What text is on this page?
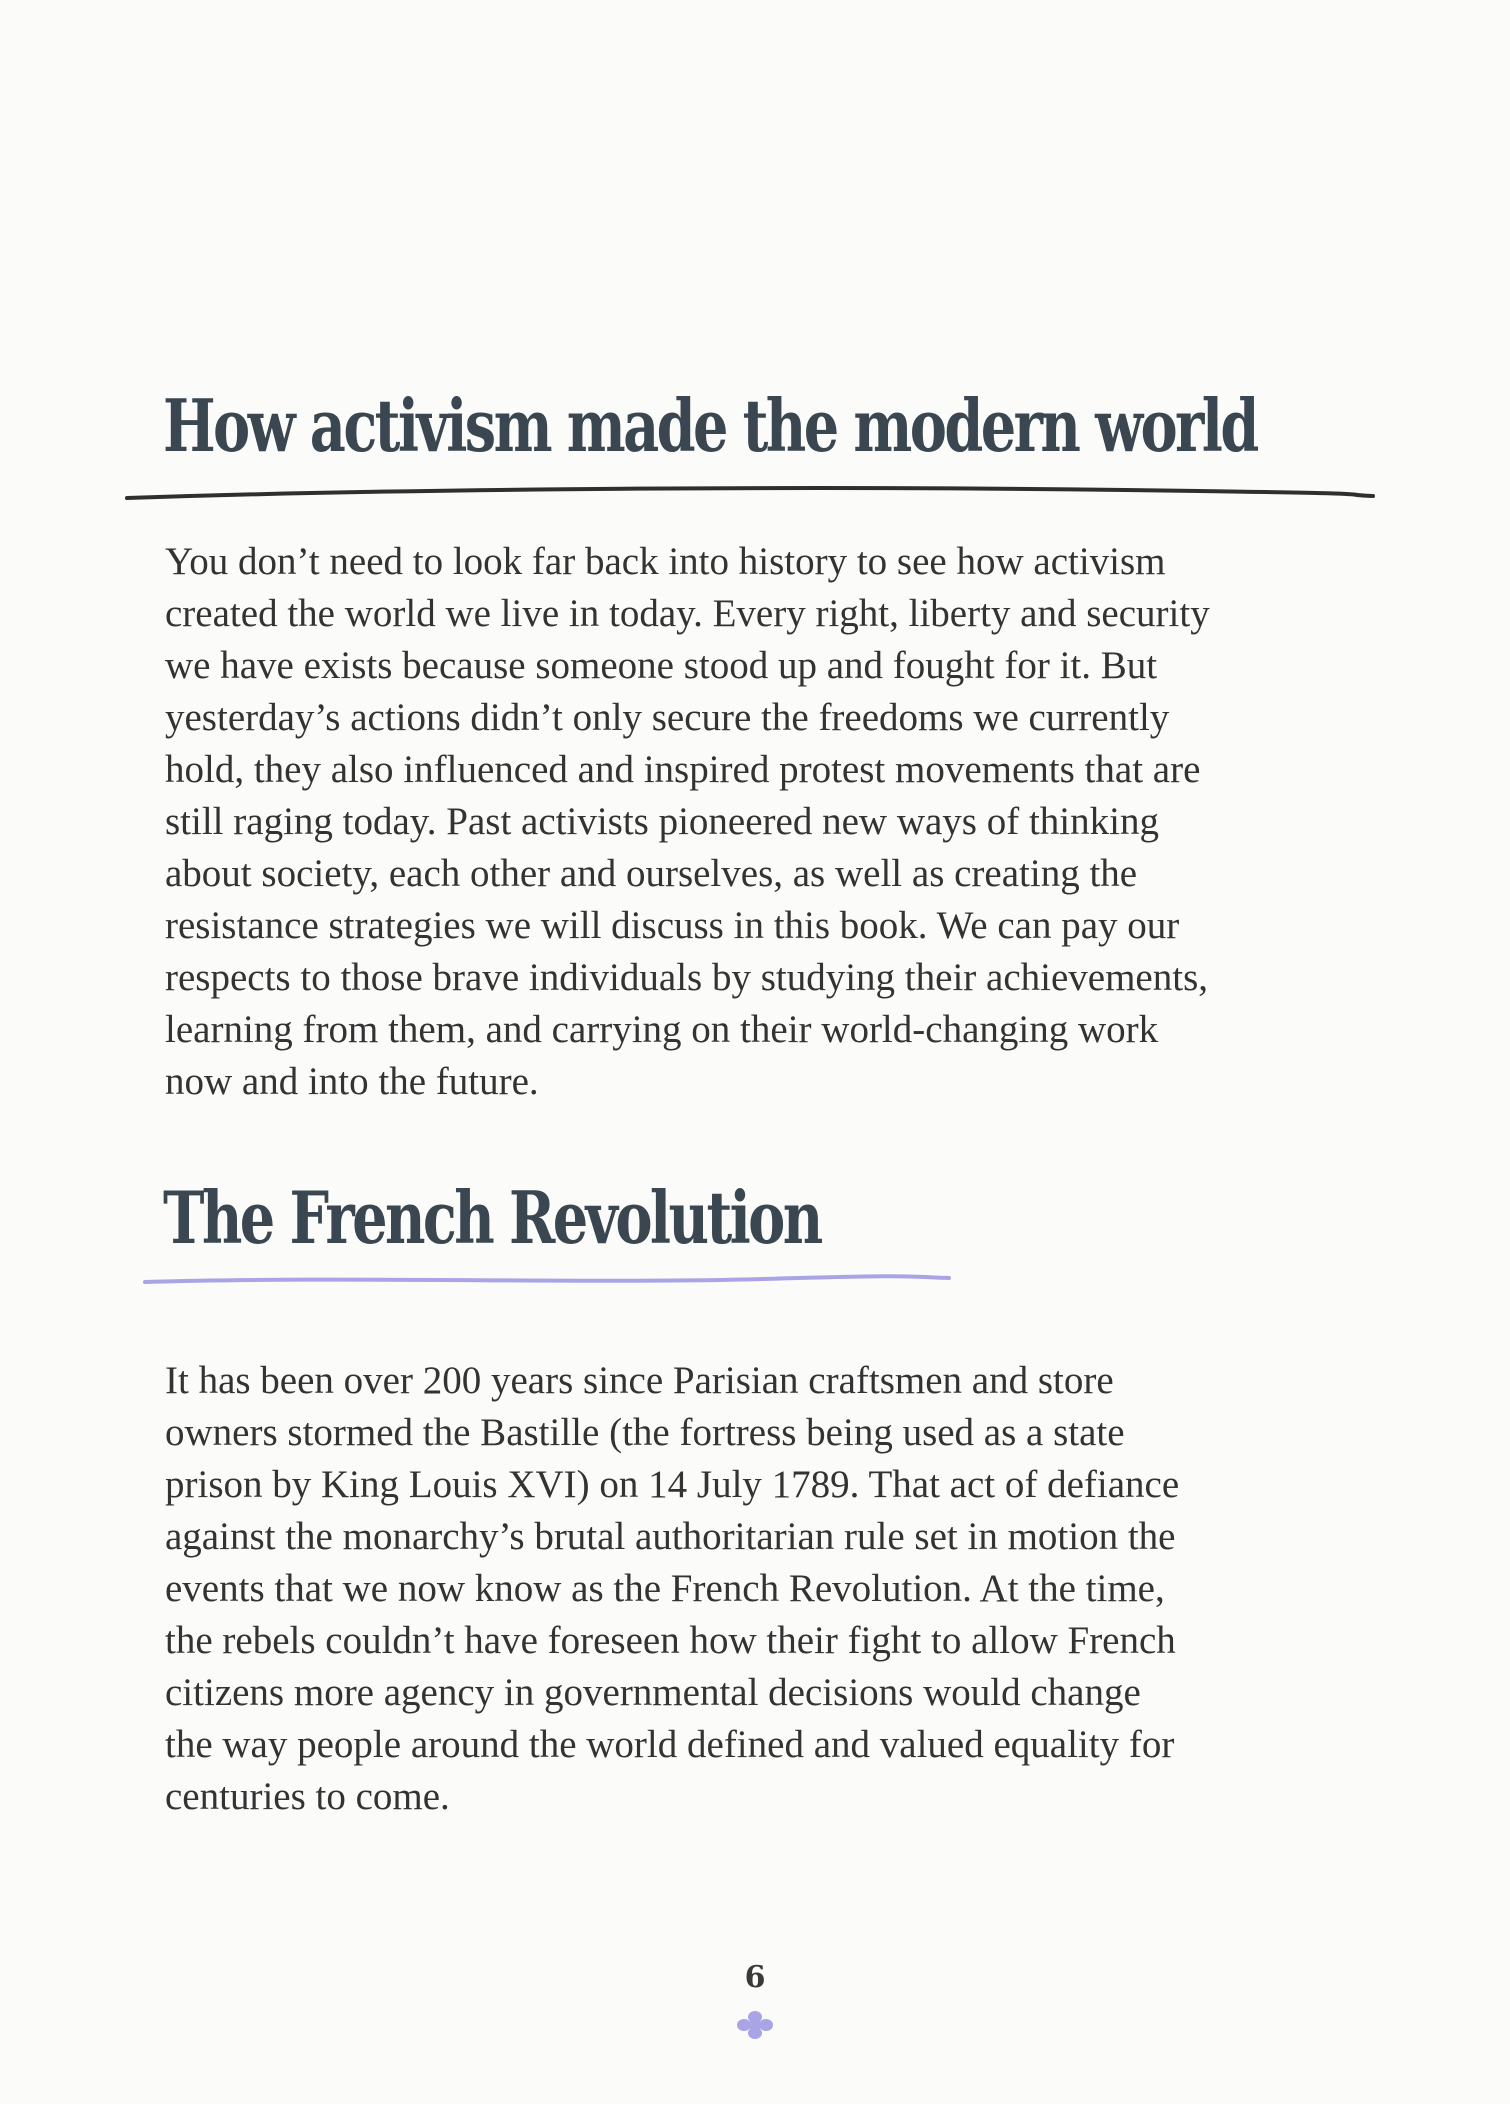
How activism made the modern world
You don’t need to look far back into history to see how activism
created the world we live in today. Every right, liberty and security
we have exists because someone stood up and fought for it. But
yesterday’s actions didn’t only secure the freedoms we currently
hold, they also influenced and inspired protest movements that are
still raging today. Past activists pioneered new ways of thinking
about society, each other and ourselves, as well as creating the
resistance strategies we will discuss in this book. We can pay our
respects to those brave individuals by studying their achievements,
learning from them, and carrying on their world-changing work
now and into the future.
The French Revolution
It has been over 200 years since Parisian craftsmen and store
owners stormed the Bastille (the fortress being used as a state
prison by King Louis XVI) on 14 July 1789. That act of defiance
against the monarchy’s brutal authoritarian rule set in motion the
events that we now know as the French Revolution. At the time,
the rebels couldn’t have foreseen how their fight to allow French
citizens more agency in governmental decisions would change
the way people around the world defined and valued equality for
centuries to come.
6
